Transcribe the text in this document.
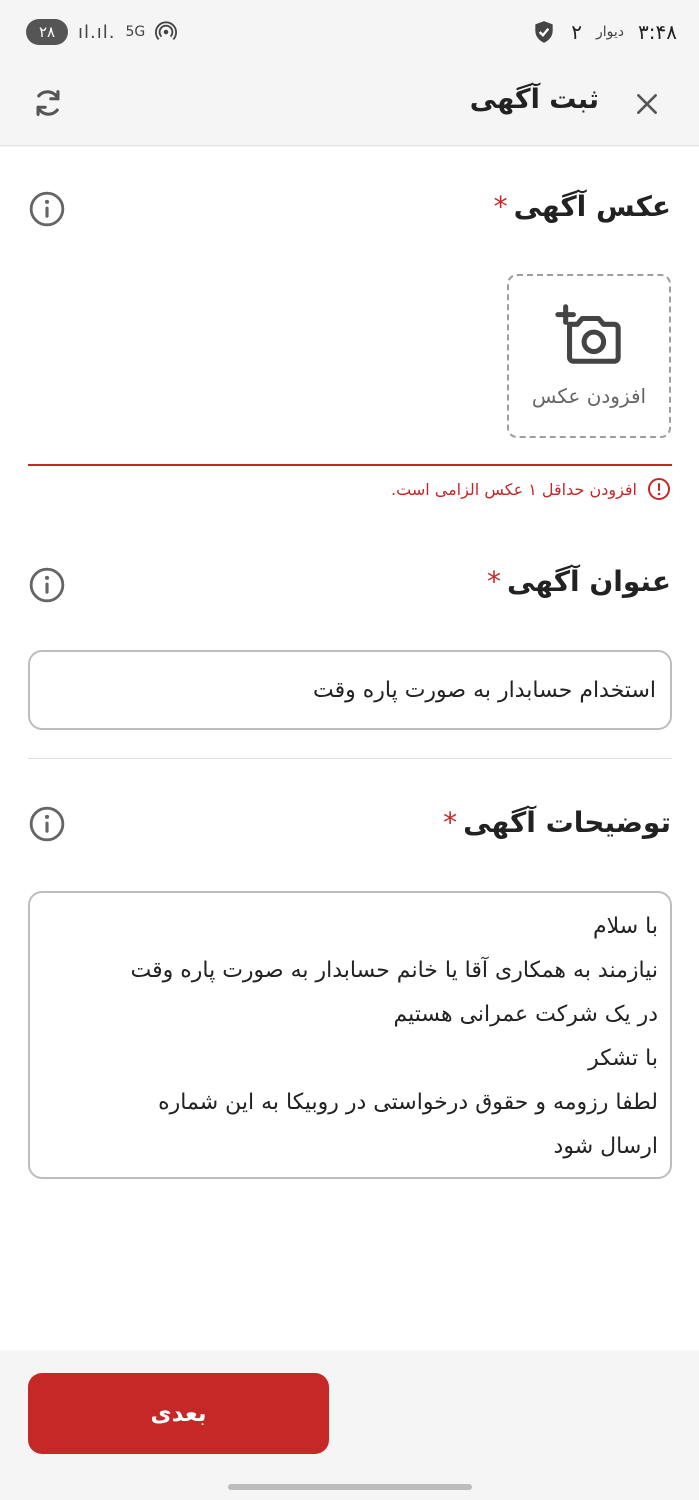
۲۸	ıl.ıl. 5G	۲ دیوار ۳:۴۸
ثبت آگهی
عکس آگهی*
افزودن عکس
افزودن حداقل ۱ عکس الزامی است.
عنوان آگهی*
استخدام حسابدار به صورت پاره وقت
توضیحات آگهی*
با سلام
نیازمند به همکاری آقا یا خانم حسابدار به صورت پاره وقت
در یک شرکت عمرانی هستیم
با تشکر
لطفا رزومه و حقوق درخواستی در روبیکا به این شماره
ارسال شود
بعدی
